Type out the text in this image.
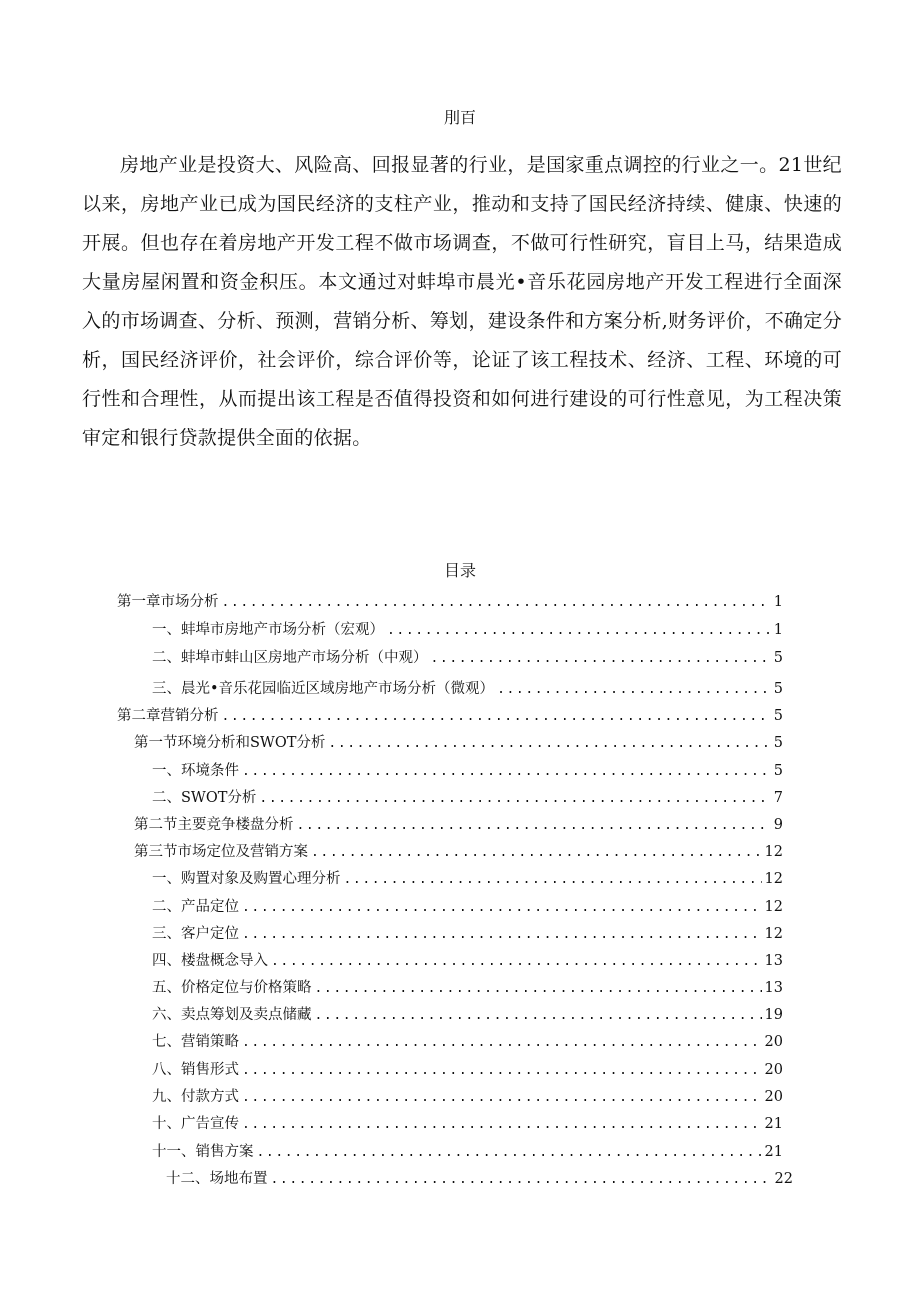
刖百

房地产业是投资大、风险高、回报显著的行业，是国家重点调控的行业之一。21世纪以来，房地产业已成为国民经济的支柱产业，推动和支持了国民经济持续、健康、快速的开展。但也存在着房地产开发工程不做市场调查，不做可行性研究，盲目上马，结果造成大量房屋闲置和资金积压。本文通过对蚌埠市晨光•音乐花园房地产开发工程进行全面深入的市场调查、分析、预测，营销分析、筹划，建设条件和方案分析,财务评价，不确定分析，国民经济评价，社会评价，综合评价等，论证了该工程技术、经济、工程、环境的可行性和合理性，从而提出该工程是否值得投资和如何进行建设的可行性意见，为工程决策审定和银行贷款提供全面的依据。

目录
第一章市场分析 .....	1
一、蚌埠市房地产市场分析（宏观） .....	1
二、蚌埠市蚌山区房地产市场分析（中观） .....	5
三、晨光•音乐花园临近区域房地产市场分析（微观） .....	5
第二章营销分析 .....	5
第一节环境分析和SWOT分析 .....	5
一、环境条件 .....	5
二、SWOT分析 .....	7
第二节主要竞争楼盘分析 .....	9
第三节市场定位及营销方案 .....	12
一、购置对象及购置心理分析 .....	12
二、产品定位 .....	12
三、客户定位 .....	12
四、楼盘概念导入 .....	13
五、价格定位与价格策略 .....	13
六、卖点筹划及卖点储藏 .....	19
七、营销策略 .....	20
八、销售形式 .....	20
九、付款方式 .....	20
十、广告宣传 .....	21
十一、销售方案 .....	21
十二、场地布置 .....	22
